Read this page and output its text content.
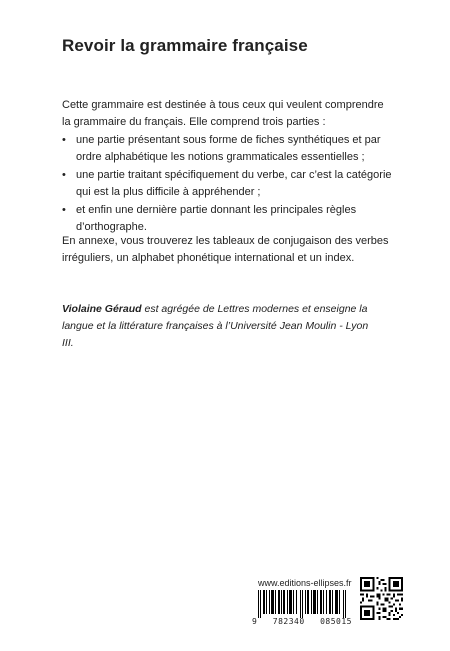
Revoir la grammaire française

Cette grammaire est destinée à tous ceux qui veulent comprendre la grammaire du français. Elle comprend trois parties :

• une partie présentant sous forme de fiches synthétiques et par ordre alphabétique les notions grammaticales essentielles ;
• une partie traitant spécifiquement du verbe, car c’est la catégorie qui est la plus difficile à appréhender ;
• et enfin une dernière partie donnant les principales règles d’orthographe.

En annexe, vous trouverez les tableaux de conjugaison des verbes irréguliers, un alphabet phonétique international et un index.

Violaine Géraud est agrégée de Lettres modernes et enseigne la langue et la littérature françaises à l’Université Jean Moulin - Lyon III.

www.editions-ellipses.fr
9 782340 085015
